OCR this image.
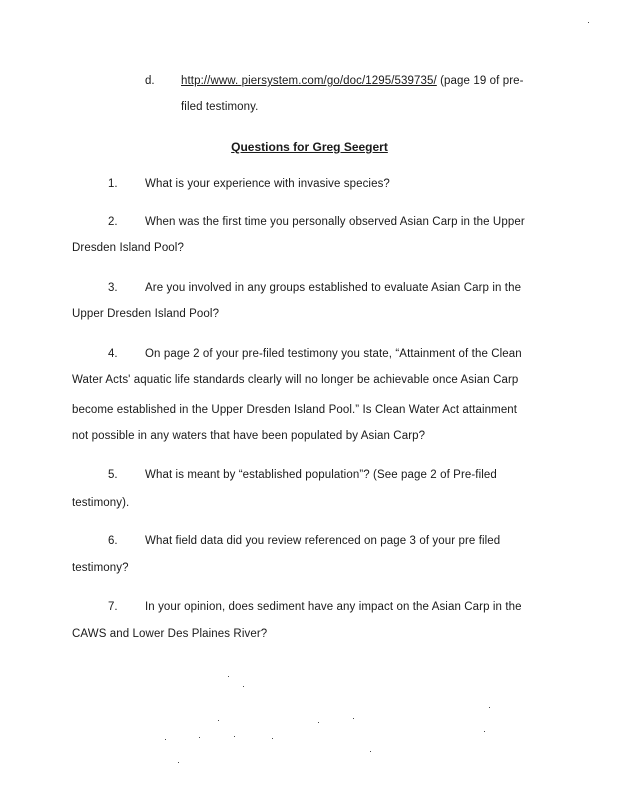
d. http://www. piersystem.com/go/doc/1295/539735/ (page 19 of pre-
filed testimony.
Questions for Greg Seegert
1. What is your experience with invasive species?
2. When was the first time you personally observed Asian Carp in the Upper
Dresden Island Pool?
3. Are you involved in any groups established to evaluate Asian Carp in the
Upper Dresden Island Pool?
4. On page 2 of your pre-filed testimony you state, “Attainment of the Clean
Water Acts' aquatic life standards clearly will no longer be achievable once Asian Carp
become established in the Upper Dresden Island Pool.” Is Clean Water Act attainment
not possible in any waters that have been populated by Asian Carp?
5. What is meant by “established population”? (See page 2 of Pre-filed
testimony).
6. What field data did you review referenced on page 3 of your pre filed
testimony?
7. In your opinion, does sediment have any impact on the Asian Carp in the
CAWS and Lower Des Plaines River?
